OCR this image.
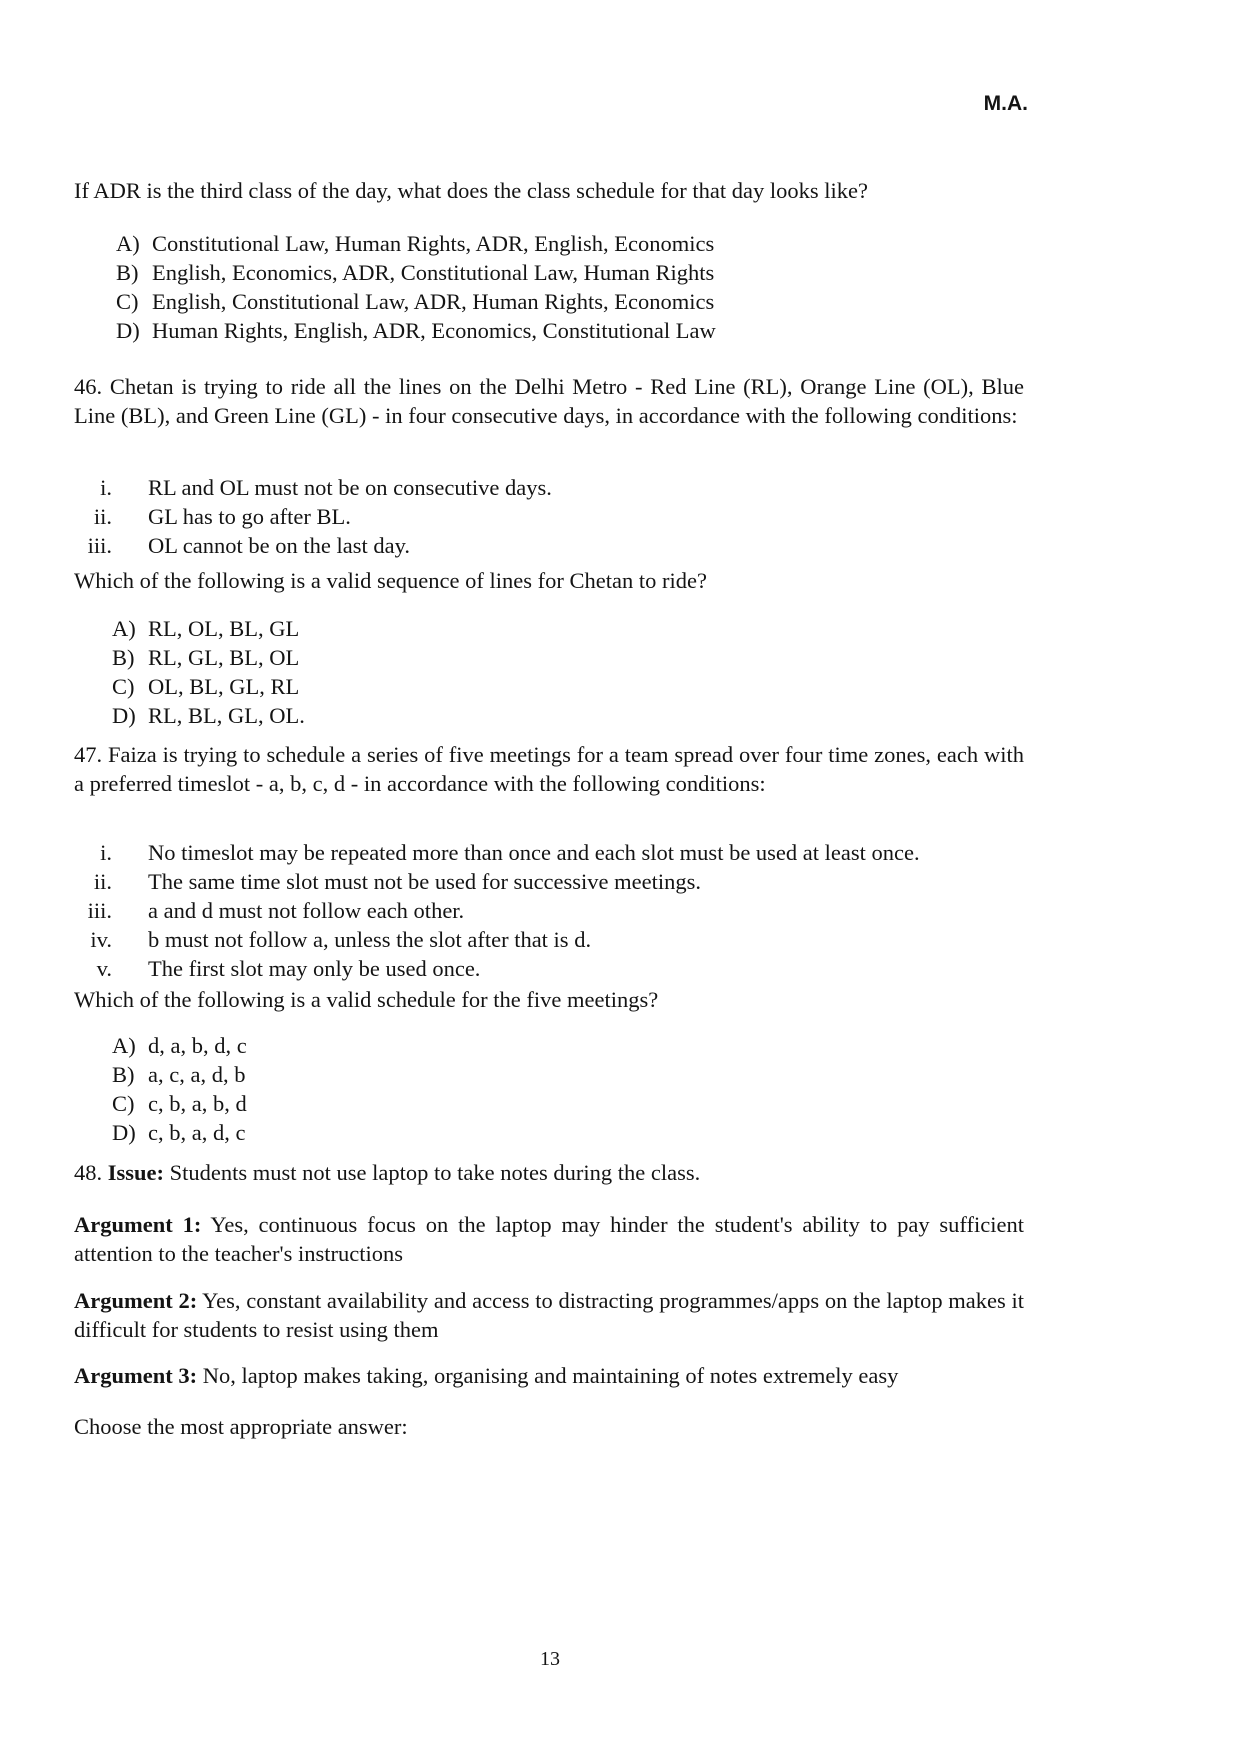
M.A.
If ADR is the third class of the day, what does the class schedule for that day looks like?
A) Constitutional Law, Human Rights, ADR, English, Economics
B) English, Economics, ADR, Constitutional Law, Human Rights
C) English, Constitutional Law, ADR, Human Rights, Economics
D) Human Rights, English, ADR, Economics, Constitutional Law
46. Chetan is trying to ride all the lines on the Delhi Metro - Red Line (RL), Orange Line (OL), Blue Line (BL), and Green Line (GL) - in four consecutive days, in accordance with the following conditions:
i. RL and OL must not be on consecutive days.
ii. GL has to go after BL.
iii. OL cannot be on the last day.
Which of the following is a valid sequence of lines for Chetan to ride?
A) RL, OL, BL, GL
B) RL, GL, BL, OL
C) OL, BL, GL, RL
D) RL, BL, GL, OL.
47. Faiza is trying to schedule a series of five meetings for a team spread over four time zones, each with a preferred timeslot - a, b, c, d - in accordance with the following conditions:
i. No timeslot may be repeated more than once and each slot must be used at least once.
ii. The same time slot must not be used for successive meetings.
iii. a and d must not follow each other.
iv. b must not follow a, unless the slot after that is d.
v. The first slot may only be used once.
Which of the following is a valid schedule for the five meetings?
A) d, a, b, d, c
B) a, c, a, d, b
C) c, b, a, b, d
D) c, b, a, d, c
48. Issue: Students must not use laptop to take notes during the class.
Argument 1: Yes, continuous focus on the laptop may hinder the student's ability to pay sufficient attention to the teacher's instructions
Argument 2: Yes, constant availability and access to distracting programmes/apps on the laptop makes it difficult for students to resist using them
Argument 3: No, laptop makes taking, organising and maintaining of notes extremely easy
Choose the most appropriate answer:
13
